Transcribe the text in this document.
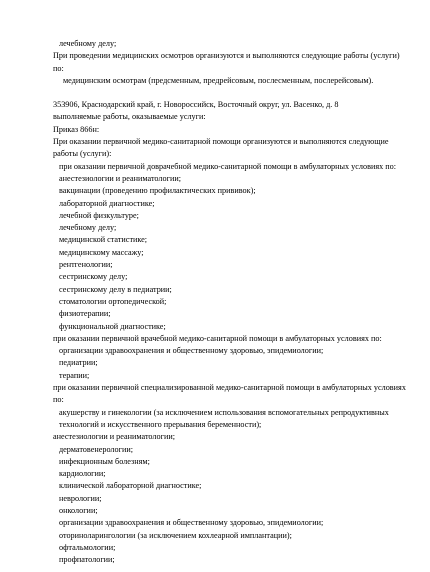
лечебному делу;
При проведении медицинских осмотров организуются и выполняются следующие работы (услуги) по:
медицинским осмотрам (предсменным, предрейсовым, послесменным, послерейсовым).
353906, Краснодарский край, г. Новороссийск, Восточный округ, ул. Васенко, д. 8
выполняемые работы, оказываемые услуги:
Приказ 866н:
При оказании первичной медико-санитарной помощи организуются и выполняются следующие работы (услуги):
при оказании первичной доврачебной медико-санитарной помощи в амбулаторных условиях по:
анестезиологии и реаниматологии;
вакцинации (проведению профилактических прививок);
лабораторной диагностике;
лечебной физкультуре;
лечебному делу;
медицинской статистике;
медицинскому массажу;
рентгенологии;
сестринскому делу;
сестринскому делу в педиатрии;
стоматологии ортопедической;
физиотерапии;
функциональной диагностике;
при оказании первичной врачебной медико-санитарной помощи в амбулаторных условиях по:
организации здравоохранения и общественному здоровью, эпидемиологии;
педиатрии;
терапии;
при оказании первичной специализированной медико-санитарной помощи в амбулаторных условиях по:
акушерству и гинекологии (за исключением использования вспомогательных репродуктивных технологий и искусственного прерывания беременности);
анестезиологии и реаниматологии;
дерматовенерологии;
инфекционным болезням;
кардиологии;
клинической лабораторной диагностике;
неврологии;
онкологии;
организации здравоохранения и общественному здоровью, эпидемиологии;
оториноларингологии (за исключением кохлеарной имплантации);
офтальмологии;
профпатологии;
